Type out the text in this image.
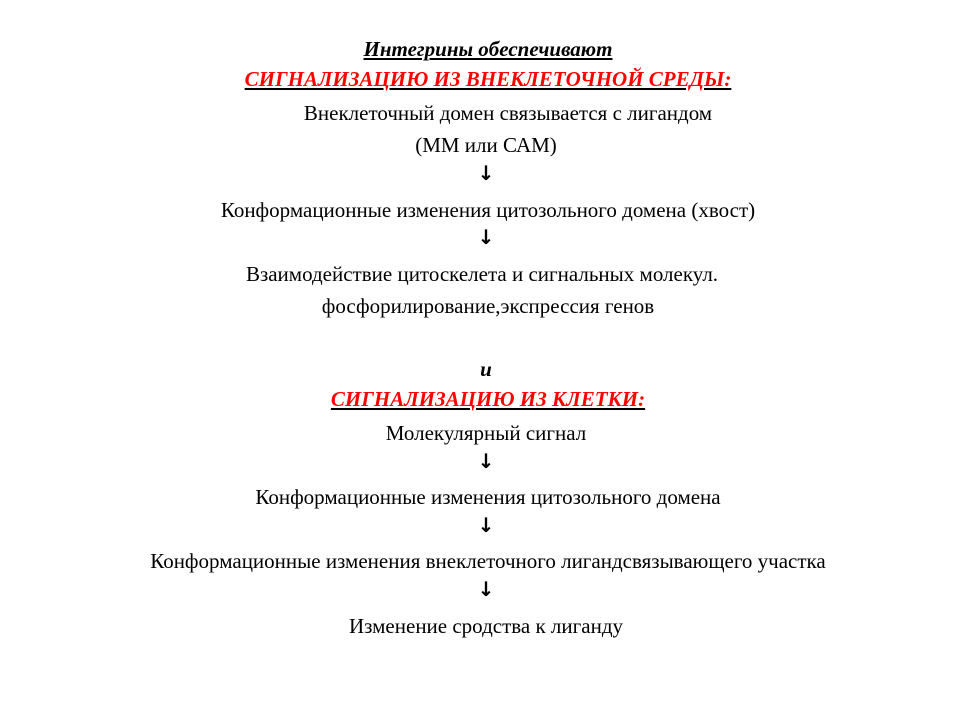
Интегрины обеспечивают
СИГНАЛИЗАЦИЮ ИЗ ВНЕКЛЕТОЧНОЙ СРЕДЫ:
Внеклеточный домен связывается с лигандом
(ММ или САМ)
↓
Конформационные изменения цитозольного домена (хвост)
↓
Взаимодействие цитоскелета и сигнальных молекул.
фосфорилирование,экспрессия генов
и
СИГНАЛИЗАЦИЮ ИЗ КЛЕТКИ:
Молекулярный сигнал
↓
Конформационные изменения цитозольного домена
↓
Конформационные изменения внеклеточного лигандсвязывающего участка
↓
Изменение сродства к лиганду
